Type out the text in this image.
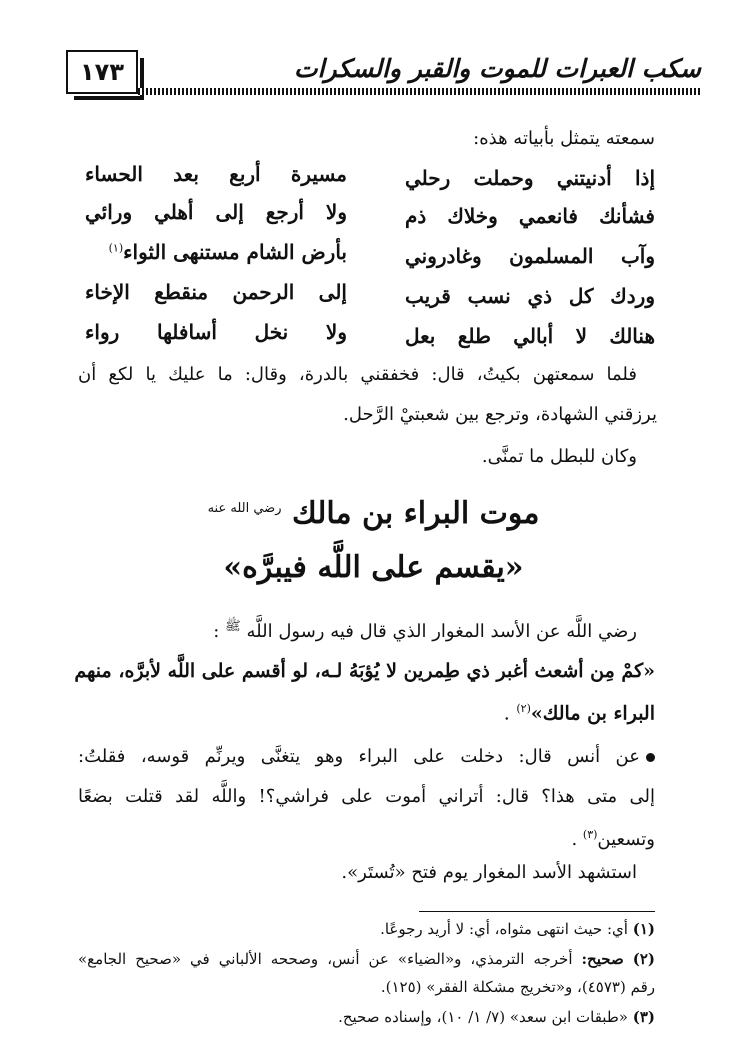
١٧٣	سكب العبرات للموت والقبر والسكرات
سمعته يتمثل بأبياته هذه:
إذا أدنيتني وحملت رحلي
مسيرة أربع بعد الحساء
فشأنك فانعمي وخلاك ذم
ولا أرجع إلى أهلي ورائي
وآب المسلمون وغادروني
بأرض الشام مستنهى الثواء$^{(١)}$
وردك كل ذي نسب قريب
إلى الرحمن منقطع الإخاء
هنالك لا أبالي طلع بعل
ولا نخل أسافلها رواء
فلما سمعتهن بكيتُ، قال: فخفقني بالدرة، وقال: ما عليك يا لكع أن
يرزقني الشهادة، وترجع بين شعبتيْ الرَّحل.
وكان للبطل ما تمنَّى.
موت البراء بن مالك $^{رضي الله عنه}$
«يقسم على اللَّه فيبرَّه»
رضي اللَّه عن الأسد المغوار الذي قال فيه رسول اللَّه $^ﷺ$ :
«كمْ مِن أشعث أغبر ذي طِمرين لا يُؤبَهُ لـه، لو أقسم على اللَّه لأبرَّه، منهم
البراء بن مالك»$^{(٢)}$ .
عن أنس قال: دخلت على البراء وهو يتغنَّى ويرنِّم قوسه، فقلتُ:
إلى متى هذا؟ قال: أتراني أموت على فراشي؟! واللَّه لقد قتلت بضعًا
وتسعين$^{(٣)}$ .
استشهد الأسد المغوار يوم فتح «تُستَر».
(١) أي: حيث انتهى مثواه، أي: لا أريد رجوعًا.
(٢) صحيح: أخرجه الترمذي، و«الضياء» عن أنس، وصححه الألباني في «صحيح الجامع»
رقم (٤٥٧٣)، و«تخريج مشكلة الفقر» (١٢٥).
(٣) «طبقات ابن سعد» (٧/ ١/ ١٠)، وإسناده صحيح.
